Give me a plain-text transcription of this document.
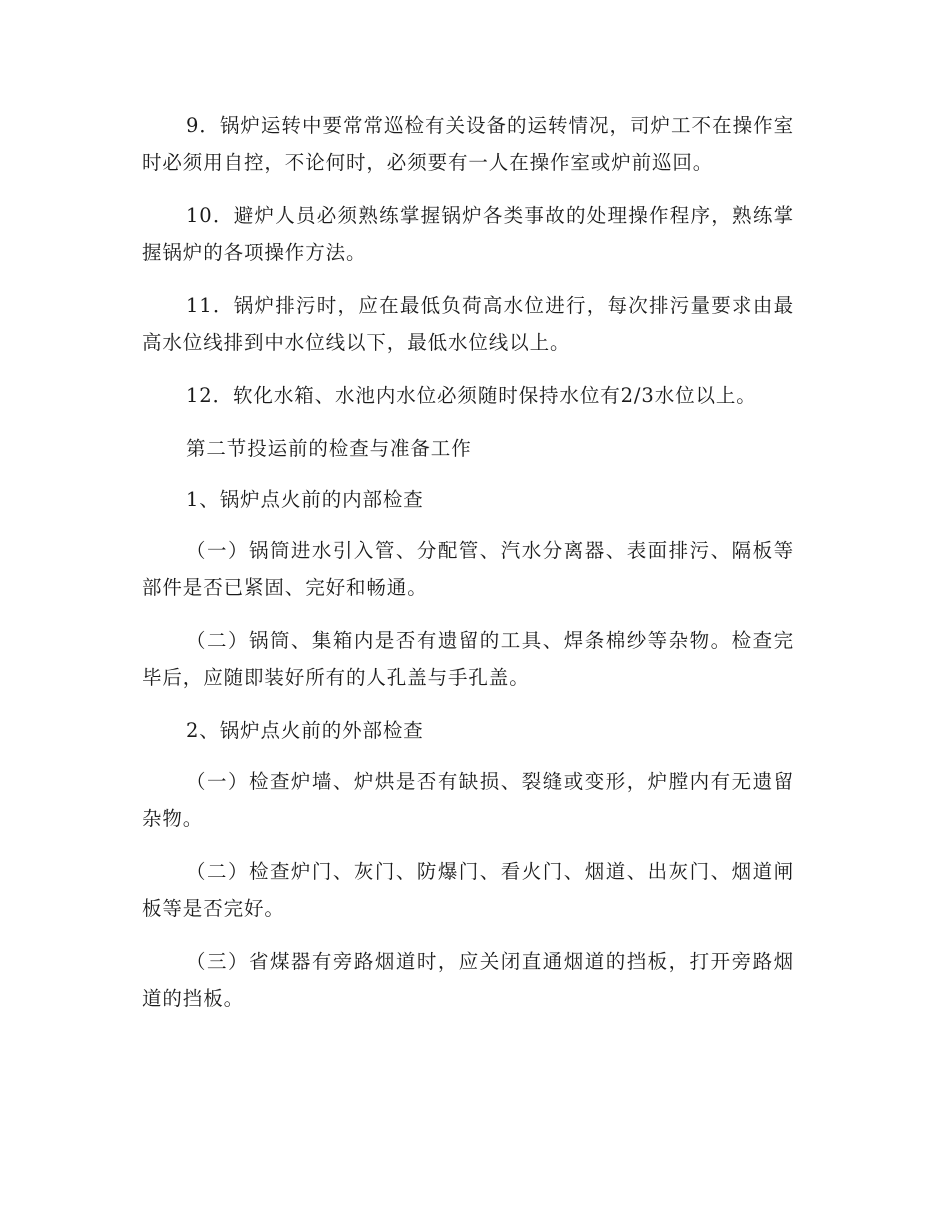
9．锅炉运转中要常常巡检有关设备的运转情况，司炉工不在操作室时必须用自控，不论何时，必须要有一人在操作室或炉前巡回。

10．避炉人员必须熟练掌握锅炉各类事故的处理操作程序，熟练掌握锅炉的各项操作方法。

11．锅炉排污时，应在最低负荷高水位进行，每次排污量要求由最高水位线排到中水位线以下，最低水位线以上。

12．软化水箱、水池内水位必须随时保持水位有2/3水位以上。

第二节投运前的检查与准备工作

1、锅炉点火前的内部检查

（一）锅筒进水引入管、分配管、汽水分离器、表面排污、隔板等部件是否已紧固、完好和畅通。

（二）锅筒、集箱内是否有遗留的工具、焊条棉纱等杂物。检查完毕后，应随即装好所有的人孔盖与手孔盖。

2、锅炉点火前的外部检查

（一）检查炉墙、炉烘是否有缺损、裂缝或变形，炉膛内有无遗留杂物。

（二）检查炉门、灰门、防爆门、看火门、烟道、出灰门、烟道闸板等是否完好。

（三）省煤器有旁路烟道时，应关闭直通烟道的挡板，打开旁路烟道的挡板。
